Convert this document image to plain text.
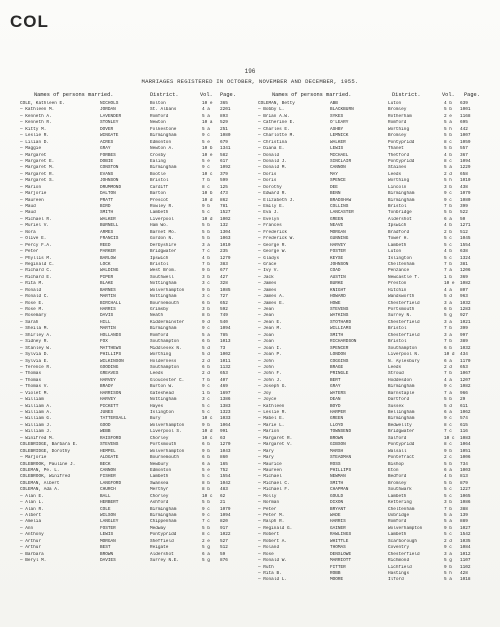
COL
196
MARRIAGES REGISTERED IN OCTOBER, NOVEMBER AND DECEMBER, 1955.
Names of persons married.	District.	Vol. Page.	Names of persons married.	District.	Vol. Page.
COLE, Kathleen E.	NICHOLS	Bolton	10 e	365
— Kathleen M.	JORDAN	St. Albans	4 a	2201
— Kenneth A.	LAVENDER	Romford	5 a	893
— Kenneth R.	STONLEY	Newton	10 a	529
— Kitty M.	DOVER	Folkestone	5 a	251
— Leslie R.	WINGATE	Birmingham	9 c	1080
— Lilian D.	ACRES	Edmonton	5 e	679
— Maggie	GRAY	Newton A.	10 b	1341
— Margaret	FORBES	Crosby	10 e	582
— Margaret E.	DOBIE	Ealing	5 e	617
— Margaret M.	CONSTON	Birmingham	9 c	1092
— Margaret R.	EVANS	Bootle	10 c	379
— Margaret S.	JOHNSON	Bristol	7 b	599
— Marion	DRUMMOND	Cardiff	8 c	125
— Marjorie	DALTON	Barton	10 b	473
— Maureen	PRATT	Prescot	10 d	862
— Maud	BIRD	Rowley R.	9 b	781
— Maud	SMITH	Lambeth	5 c	1527
— Michael R.	WALKER	Liverpool	10 d	1002
— Muriel V.	BURNELL	Ham Wo.	5 b	132
— Nora	ARMES	Barnet Mo.	5 b	1304
— Olive E.	FRANCIS	Gordon N.	5 b	1063
— Percy F.A.	REED	Derbyshire	3 a	1010
— Peter	PARKER	Bridgwater	7 c	235
— Phyllis M.	BARLOW	Ipswich	4 b	1279
— Reginald C.	LOCK	Bristol	7 b	383
— Richard C.	WALDING	West Brom.	9 b	677
— Richard E.	PIPER	Southwell	3 b	427
— Rita M.	BLAKE	Nottingham	3 c	328
— Ronald	BARNES	Wolverhampton	9 b	1085
— Ronald C.	MARTIN	Nottingham	3 c	727
— Rose E.	BIRCHALL	Bournemouth	6 b	652
— Rose M.	HARRIS	Grimsby	3 b	592
— Rosemary	DAVIS	Neath	8 b	749
— Sarah	HILL	Kidderminster	9 d	540
— Sheila M.	MARTIN	Birmingham	9 c	1094
— Shirley A.	HOLLANDS	Romford	5 a	785
— Sidney R.	FOX	Southampton	6 b	1013
— Stanley W.	MATTHEWS	Middlesex N.	5 d	73
— Sylvia D.	PHILLIPS	Worthing	5 d	1002
— Sylvia E.	WILKINSON	Holderness	2 d	1011
— Terence R.	GOODING	Southampton	6 b	1132
— Thomas	GREAVES	Leeds	2 d	653
— Thomas	HARVEY	Gloucester C.	7 b	407
— Thomas V.	BRADY	Burton W.	9 c	469
— Violet M.	HARRISON	Gateshead	1 b	1697
— William	HARVEY	Nottingham	3 c	1386
— William A.	PICKETT	Hayes	5 c	1383
— William A.	JUNES	Islington	5 c	1323
— William G.	TATTERSALL	Bury	10 c	1033
— William J.	GOOD	Wolverhampton	9 b	1064
— William J.	WEBB	Liverpool S.	10 d	991
— Winifred M.	RAISFORD	Chorley	10 c	63
COLEBRIDGE, Barbara E.	STEVENS	Portsmouth	6 b	1270
COLEBRIDGE, Dorothy	HEMPEL	Wolverhampton	9 b	1043
— Marjorie	ALDGATE	Bournemouth	6 b	860
COLEBROOK, Pauline J.	BECK	Newbury	6 a	165
COLEMAN, Pe. L.	CANNON	Edmonton	5 e	752
COLEBROOK, Winifred	FISHER	Lambeth	5 c	1554
COLEMAN, Albert	LANGFORD	Swansea	8 b	1042
COLEMAN, Ada A.	CHURCH	Merthyr	8 b	483
— Alan E.	BALL	Chorley	10 c	62
— Alan L.	HERBERT	Ashford	5 b	21
— Alan R.	COLE	Birmingham	9 c	1079
— Albert	WILSON	Birmingham	9 c	1094
— Amelia	LANGLEY	Chippenham	7 c	820
— Ann	FOSTER	Medway	5 b	917
— Anthony	LEWIS	Pontypridd	8 c	1022
— Arthur	MORGAN	Sheffield	2 e	527
— Arthur	BEST	Reigate	5 g	512
— Barbara	BROWN	Aldershot	6 a	59
— Beryl M.	DAVIES	Surrey N.E.	5 g	876
COLEMAN, Betty	ABB	Luton	4 b	639
— Bobby L.	BLACKBURN	Bromley	5 b	1001
— Brian A.W.	SYKES	Rotherham	2 e	1168
— Catherine E.	O'LEARY	Romford	5 a	695
— Charles E.	ASHBY	Worthing	5 h	442
— Charlotte M.	LEMNICK	Bromley	5 b	1007
— Christina	WALKER	Pontypridd	8 c	1059
— Diana E.	LEWIS	Thanet	5 b	557
— Donald	MICHAEL	Thetford	4 b	367
— Donald J.	SINCLAIR	Pontypridd	8 c	1094
— Donald M.	CANNON	Staines	5 a	1229
— Doris	MAY	Leeds	2 d	658
— Doris	SPENCE	Worthing	5 h	1010
— Dorothy	DEE	Lincoln	3 b	438
— Edward R.	BENN	Birmingham	9 c	1079
— Elizabeth J.	BRADSHAW	Birmingham	9 c	1080
— Emily E.	COLLINS	Bristol	7 b	399
— Eva J.	LANCASTER	Tonbridge	5 b	522
— Evelyn	GREEN	Aldershot	6 a	50
— Frances	NEAVE	Ipswich	4 b	1271
— Frederick	MORGAN	Bradford	2 b	512
— Frederick W.	GUNNING	Tower H.	5 c	1045
— George R.	HARVEY	Lambeth	5 c	1554
— George W.	FOSTER	Luton	4 b	638
— Gladys	KEYSE	Islington	5 c	1324
— Grace	JOHNSON	Cheltenham	7 b	381
— Ivy V.	COAD	Penzance	7 a	1206
— Jack	AUSTIN	Newcastle T.	1 b	369
— James	BURKE	Preston	10 e	1082
— James	KNIGHT	Hitchin	4 a	807
— James A.	HOWARD	Wandsworth	5 d	963
— James E.	HOWE	Chesterfield	3 a	1032
— Jean	STEVENS	Portsmouth	6 b	1283
— Jean	WATKINS	Surrey N.	5 g	927
— Jean E.	STOTHARD	Chesterfield	3 a	1021
— Jean M.	WILLIAMS	Bristol	7 b	399
— Joan	SMITH	Chesterfield	3 a	997
— Joan	RICHARDSON	Bristol	7 b	389
— Joan I.	SPENCER	Southampton	6 b	1032
— Joan P.	LONDON	Liverpool N.	10 d	434
— John	COGGINS	N. Aylesbury	6 a	1170
— John	BRAGE	Leeds	2 d	653
— John F.	PRINGLE	Stroud	7 b	1067
— John J.	BERT	Hoddesdon	4 a	1207
— Joseph G.	GRAY	Birmingham	9 c	1082
— Joy	WATERS	Barnstaple	7 a	966
— Joyce	DEAN	Dartford	5 b	29
— Kathleen	BOYD	Sussex	5 d	611
— Leslie R.	HARPER	Bellingham	6 a	1062
— Mabel E.	GREEN	Birmingham	9 c	574
— Marie L.	LLOYD	Bedwellty	8 c	615
— Marion	TOWNSEND	Bridgwater	7 c	116
— Margaret R.	BROWN	Salford	10 c	1083
— Margaret V.	GIBSON	Pontypridd	8 c	1064
— Mary	MARSH	Walsall	9 b	1051
— Mary	STEADMAN	Pontefract	2 c	1006
— Maurice	ROSS	Bishop	5 b	734
— Maureen	PHILLIPS	Eton	6 a	1003
— Michael	NEWMAN	Bedford	4 b	813
— Michael C.	SMITH	Bromley	5 b	879
— Michael F.	CHAPMAN	Southwark	5 c	1227
— Molly	GOULD	Lambeth	5 c	1065
— Norman	DIXON	Kettering	3 b	1086
— Peter	BRYANT	Cheltenham	7 b	388
— Peter M.	WADE	Uxbridge	5 a	139
— Ralph R.	HARRIS	Romford	5 a	889
— Reginald G.	GAINER	Wolverhampton	9 b	1027
— Robert	RAWLINGS	Lambeth	5 c	1542
— Robert A.	WHITTLE	Scarborough	2 d	1035
— Roland	THOMAS	Coventry	9 c	1084
— Rose	DENSLOWE	Chesterfield	3 a	1012
— Ronald W.	MARRIOTT	Richmond	5 g	1107
— Ruth	FITTER	Lichfield	9 b	1102
— Rita B.	ROBB	Hastings	5 h	428
— Ronald L.	MOORE	Ilford	5 a	1018
